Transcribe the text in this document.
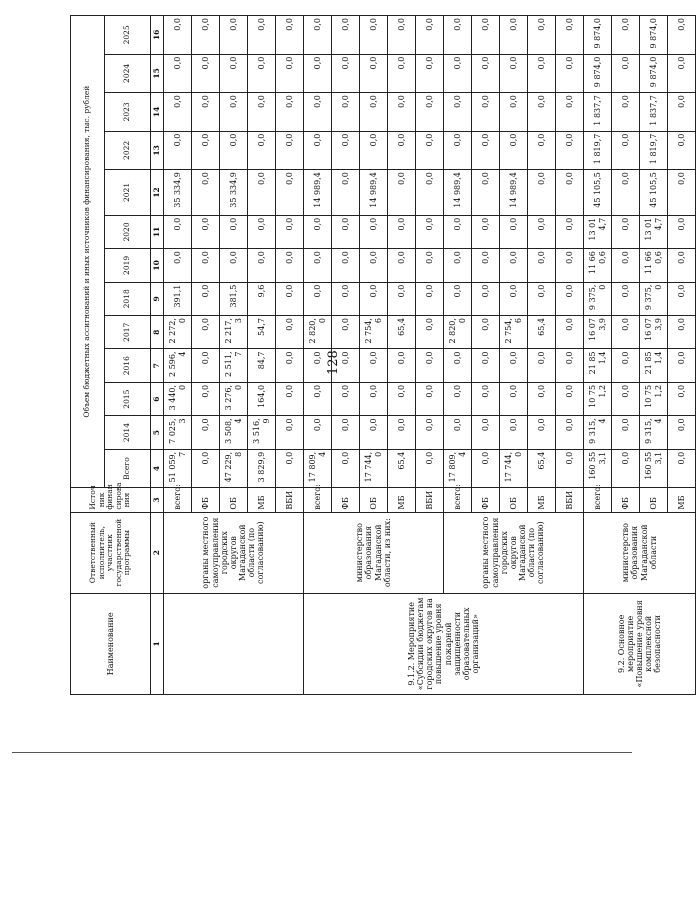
128
Наименование	Ответственный исполнитель, участник государственной программы	Источ ник финан сирова ния	Объем бюджетных ассигнований и иных источников финансирования, тыс. рублей												
			Всего	2014	2015	2016	2017	2018	2019	2020	2021	2022	2023	2024	2025
1	2	3	4	5	6	7	8	9	10	11	12	13	14	15	16
	органы местного самоуправления городских округов Магаданской области (по согласованию)	всего:	51 059,7	7 025,3	3 440,0	2 596,4	2 272,0	391,1	0,0	0,0	35 334,9	0,0	0,0	0,0	0,0
		ФБ	0,0	0,0	0,0	0,0	0,0	0,0	0,0	0,0	0,0	0,0	0,0	0,0	0,0
		ОБ	47 229,8	3 508,4	3 276,0	2 511,7	2 217,3	381,5	0,0	0,0	35 334,9	0,0	0,0	0,0	0,0
		МБ	3 829,9	3 516,9	164,0	84,7	54,7	9,6	0,0	0,0	0,0	0,0	0,0	0,0	0,0
		ВБИ	0,0	0,0	0,0	0,0	0,0	0,0	0,0	0,0	0,0	0,0	0,0	0,0	0,0
9.1.2. Мероприятие «Субсидии бюджетам городских округов на повышение уровня пожарной защищенности образовательных организаций»	министерство образования Магаданской области, из них:	всего:	17 809,4	0,0	0,0	0,0	2 820,0	0,0	0,0	0,0	14 989,4	0,0	0,0	0,0	0,0
		ФБ	0,0	0,0	0,0	0,0	0,0	0,0	0,0	0,0	0,0	0,0	0,0	0,0	0,0
		ОБ	17 744,0	0,0	0,0	0,0	2 754,6	0,0	0,0	0,0	14 989,4	0,0	0,0	0,0	0,0
		МБ	65,4	0,0	0,0	0,0	65,4	0,0	0,0	0,0	0,0	0,0	0,0	0,0	0,0
		ВБИ	0,0	0,0	0,0	0,0	0,0	0,0	0,0	0,0	0,0	0,0	0,0	0,0	0,0
	органы местного самоуправления городских округов Магаданской области (по согласованию)	всего:	17 809,4	0,0	0,0	0,0	2 820,0	0,0	0,0	0,0	14 989,4	0,0	0,0	0,0	0,0
		ФБ	0,0	0,0	0,0	0,0	0,0	0,0	0,0	0,0	0,0	0,0	0,0	0,0	0,0
		ОБ	17 744,0	0,0	0,0	0,0	2 754,6	0,0	0,0	0,0	14 989,4	0,0	0,0	0,0	0,0
		МБ	65,4	0,0	0,0	0,0	65,4	0,0	0,0	0,0	0,0	0,0	0,0	0,0	0,0
		ВБИ	0,0	0,0	0,0	0,0	0,0	0,0	0,0	0,0	0,0	0,0	0,0	0,0	0,0
9.2. Основное мероприятие «Повышение уровня комплексной безопасности	министерство образования Магаданской области	всего:	160 553,1	9 315,4	10 751,2	21 851,4	16 073,9	9 375,0	11 660,6	13 014,7	45 105,5	1 819,7	1 837,7	9 874,0	9 874,0
		ФБ	0,0	0,0	0,0	0,0	0,0	0,0	0,0	0,0	0,0	0,0	0,0	0,0	0,0
		ОБ	160 553,1	9 315,4	10 751,2	21 851,4	16 073,9	9 375,0	11 660,6	13 014,7	45 105,5	1 819,7	1 837,7	9 874,0	9 874,0
		МБ	0,0	0,0	0,0	0,0	0,0	0,0	0,0	0,0	0,0	0,0	0,0	0,0	0,0
